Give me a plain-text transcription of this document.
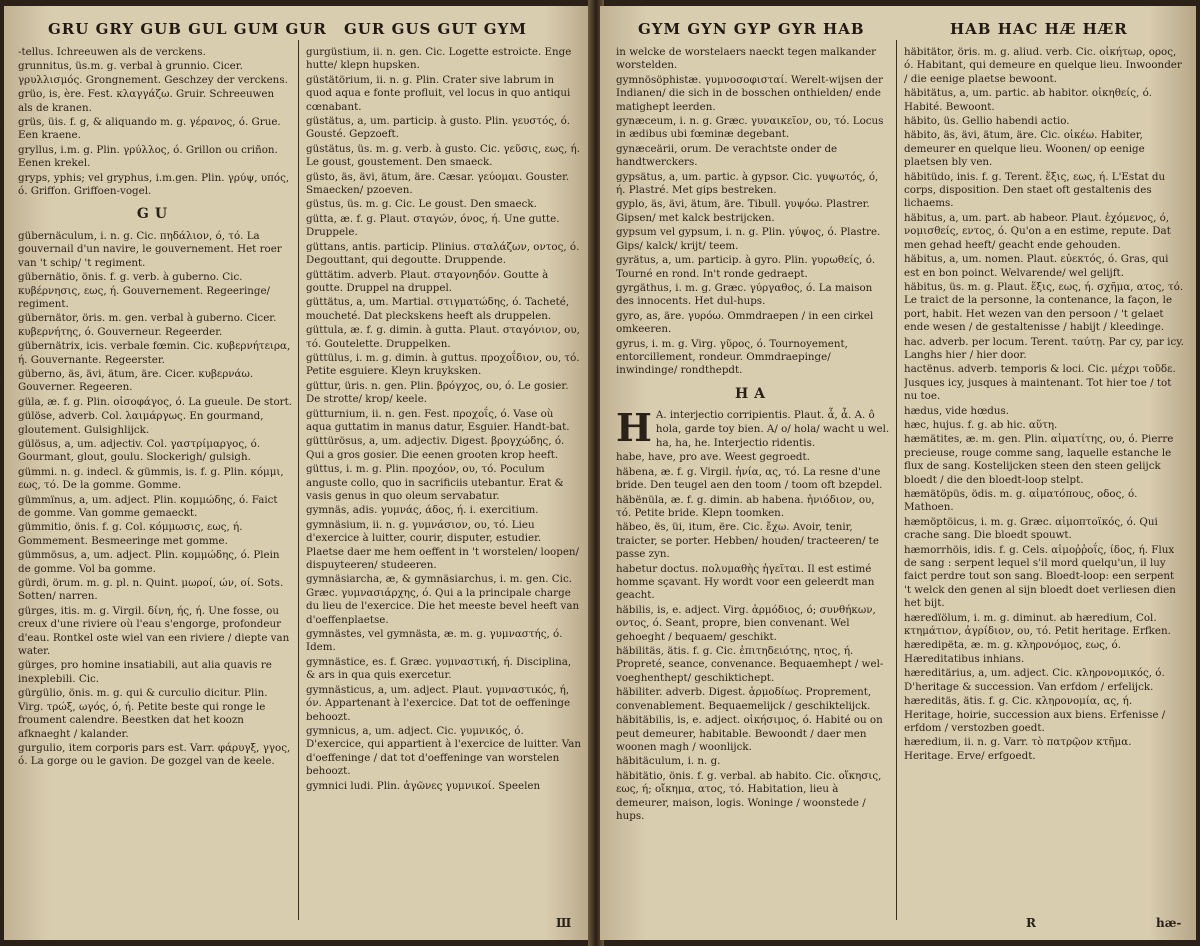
GRU GRY GUB GUL GUM GUR GUR GUS GUT GYM

-tellus. Ichreeuwen als de verckens.

grunnitus, üs.m. g. verbal à grunnio. Cicer. γρυλλισμός. Grongnement. Geschzey der verckens.

grüo, is, ère. Fest. κλαγγάζω. Gruir. Schreeuwen als de kranen.

grüs, üis. f. g, & aliquando m. g. γέρανος, ό. Grue. Een kraene.

gryllus, i.m. g. Plin. γρύλλος, ό. Grillon ou criñon. Eenen krekel.

gryps, yphis; vel gryphus, i.m.gen. Plin. γρύψ, υπός, ό. Griffon. Griffoen-vogel.

GU

gübernäculum, i. n. g. Cic. πηδάλιον, ό, τό. La gouvernail d'un navire, le gouvernement. Het roer van 't schip/ 't regiment.

gübernätio, önis. f. g. verb. à guberno. Cic. κυβέρνησις, εως, ή. Gouvernement. Regeeringe/ regiment.

gübernätor, öris. m. gen. verbal à guberno. Cicer. κυβερνήτης, ό. Gouverneur. Regeerder.

gübernätrix, icis. verbale fœmin. Cic. κυβερνήτειρα, ή. Gouvernante. Regeerster.

güberno, äs, ävi, ätum, äre. Cicer. κυβερνάω. Gouverner. Regeeren.

güla, æ. f. g. Plin. οἰσοφάγος, ό. La gueule. De stort.

gülöse, adverb. Col. λαιμάργως. En gourmand, gloutement. Gulsighlijck.

gülösus, a, um. adjectiv. Col. γαστρίμαργος, ό. Gourmant, glout, goulu. Slockerigh/ gulsigh.

gümmi. n. g. indecl. & gümmis, is. f. g. Plin. κόμμι, εως, τό. De la gomme. Gomme.

gümmïnus, a, um. adject. Plin. κομμώδης, ό. Faict de gomme. Van gomme gemaeckt.

gümmitio, önis. f. g. Col. κόμμωσις, εως, ή. Gommement. Besmeeringe met gomme.

gümmösus, a, um. adject. Plin. κομμώδης, ό. Plein de gomme. Vol ba gomme.

gürdi, örum. m. g. pl. n. Quint. μωροί, ών, οί. Sots. Sotten/ narren.

gürges, itis. m. g. Virgil. δίνη, ής, ή. Une fosse, ou creux d'une riviere où l'eau s'engorge, profondeur d'eau. Rontkel oste wiel van een riviere / diepte van water.

gürges, pro homine insatiabili, aut alia quavis re inexplebili. Cic.

gürgülio, önis. m. g. qui & curculio dicitur. Plin. Virg. τρώξ, ωγός, ό, ή. Petite beste qui ronge le froument calendre. Beestken dat het koozn afknaeght / kalander.

gurgulio, item corporis pars est. Varr. φάρυγξ, γγος, ό. La gorge ou le gavion. De gozgel van de keele.

gurgüstium, ii. n. gen. Cic. Logette estroicte. Enge hutte/ klepn hupsken.

güstätörium, ii. n. g. Plin. Crater sive labrum in quod aqua e fonte profluit, vel locus in quo antiqui cœnabant.

güstätus, a, um. particip. à gusto. Plin. γευστός, ό. Gousté. Gepzoeft.

güstätus, üs. m. g. verb. à gusto. Cic. γεῦσις, εως, ή. Le goust, goustement. Den smaeck.

güsto, äs, ävi, ätum, äre. Cæsar. γεύομαι. Gouster. Smaecken/ pzoeven.

güstus, üs. m. g. Cic. Le goust. Den smaeck.

gütta, æ. f. g. Plaut. σταγών, όνος, ή. Une gutte. Druppele.

güttans, antis. particip. Plinius. σταλάζων, οντος, ό. Degouttant, qui degoutte. Druppende.

güttätim. adverb. Plaut. σταγονηδόν. Goutte à goutte. Druppel na druppel.

güttätus, a, um. Martial. στιγματώδης, ό. Tacheté, moucheté. Dat pleckskens heeft als druppelen.

güttula, æ. f. g. dimin. à gutta. Plaut. σταγόνιον, ου, τό. Goutelette. Druppelken.

güttülus, i. m. g. dimin. à guttus. προχοΐδιον, ου, τό. Petite esguiere. Kleyn kruyksken.

güttur, üris. n. gen. Plin. βρόγχος, ου, ό. Le gosier. De strotte/ krop/ keele.

gütturnium, ii. n. gen. Fest. προχοΐς, ό. Vase où aqua guttatim in manus datur, Esguier. Handt-bat.

güttürösus, a, um. adjectiv. Digest. βρογχώδης, ό. Qui a gros gosier. Die eenen grooten krop heeft.

güttus, i. m. g. Plin. προχόον, ου, τό. Poculum anguste collo, quo in sacrificiis utebantur. Erat & vasis genus in quo oleum servabatur.

gymnäs, adis. γυμνάς, άδος, ή. i. exercitium.

gymnäsium, ii. n. g. γυμνάσιον, ου, τό. Lieu d'exercice à luitter, courir, disputer, estudier. Plaetse daer me hem oeffent in 't worstelen/ loopen/ dispuyteeren/ studeeren.

gymnäsiarcha, æ, & gymnäsiarchus, i. m. gen. Cic. Græc. γυμνασιάρχης, ό. Qui a la principale charge du lieu de l'exercice. Die het meeste bevel heeft van d'oeffenplaetse.

gymnästes, vel gymnästa, æ. m. g. γυμναστής, ό. Idem.

gymnästice, es. f. Græc. γυμναστική, ή. Disciplina, & ars in qua quis exercetur.

gymnästicus, a, um. adject. Plaut. γυμναστικός, ή, όν. Appartenant à l'exercice. Dat tot de oeffeninge behoozt.

gymnicus, a, um. adject. Cic. γυμνικός, ό. D'exercice, qui appartient à l'exercice de luitter. Van d'oeffeninge / dat tot d'oeffeninge van worstelen behoozt.

gymnici ludi. Plin. ἀγῶνες γυμνικοί. Speelen

Ш
GYM GYN GYP GYR HAB	HAB HAC HÆ HÆR

in welcke de worstelaers naeckt tegen malkander worstelden.

gymnösöphistæ. γυμνοσοφισταί. Werelt-wijsen der Indianen/ die sich in de bosschen onthielden/ ende matighept leerden.

gynæceum, i. n. g. Græc. γυναικεῖον, ου, τό. Locus in ædibus ubi fœminæ degebant.

gynæceärii, orum. De verachtste onder de handtwerckers.

gypsätus, a, um. partic. à gypsor. Cic. γυψωτός, ό, ή. Plastré. Met gips bestreken.

gyplo, äs, ävi, ätum, äre. Tibull. γυψόω. Plastrer. Gipsen/ met kalck bestrijcken.

gypsum vel gypsum, i. n. g. Plin. γύψος, ό. Plastre. Gips/ kalck/ krijt/ teem.

gyrätus, a, um. particip. à gyro. Plin. γυρωθείς, ό. Tourné en rond. In't ronde gedraept.

gyrgäthus, i. m. g. Græc. γύργαθος, ό. La maison des innocents. Het dul-hups.

gyro, as, äre. γυρόω. Ommdraepen / in een cirkel omkeeren.

gyrus, i. m. g. Virg. γῦρος, ό. Tournoyement, entorcillement, rondeur. Ommdraepinge/ inwindinge/ rondthepdt.

HA
H A. interjectio corripientis. Plaut. ἆ, ἆ. A. ô hola, garde toy bien. A/ o/ hola/ wacht u wel.

ha, ha, he. Interjectio ridentis.

habe, have, pro ave. Weest gegroedt.

häbena, æ. f. g. Virgil. ἡνία, ας, τό. La resne d'une bride. Den teugel aen den toom / toom oft bzepdel.

häbënüla, æ. f. g. dimin. ab habena. ἡνιόδιον, ου, τό. Petite bride. Klepn toomken.

häbeo, ës, üi, itum, ëre. Cic. ἔχω. Avoir, tenir, traicter, se porter. Hebben/ houden/ tracteeren/ te passe zyn.

habetur doctus. πολυμαθὴς ἡγεῖται. Il est estimé homme sçavant. Hy wordt voor een geleerdt man geacht.

häbilis, is, e. adject. Virg. ἁρμόδιος, ό; συνθήκων, οντος, ό. Seant, propre, bien convenant. Wel gehoeght / bequaem/ geschikt.

häbilitäs, ätis. f. g. Cic. ἐπιτηδειότης, ητος, ή. Propreté, seance, convenance. Bequaemhept / wel-voeghenthept/ geschiktichept.

häbiliter. adverb. Digest. ἁρμοδίως. Proprement, convenablement. Bequaemelijck / geschiktelijck.

häbitäbilis, is, e. adject. οἰκήσιμος, ό. Habité ou on peut demeurer, habitable. Bewoondt / daer men woonen magh / woonlijck.

häbitäculum, i. n. g.

häbitätio, önis. f. g. verbal. ab habito. Cic. οἴκησις, εως, ή; οἴκημα, ατος, τό. Habitation, lieu à demeurer, maison, logis. Woninge / woonstede / hups.

häbitätor, öris. m. g. aliud. verb. Cic. οἰκήτωρ, ορος, ό. Habitant, qui demeure en quelque lieu. Inwoonder / die eenige plaetse bewoont.

häbitätus, a, um. partic. ab habitor. οἰκηθείς, ό. Habité. Bewoont.

häbito, üs. Gellio habendi actio.

häbito, äs, ävi, ätum, äre. Cic. οἰκέω. Habiter, demeurer en quelque lieu. Woonen/ op eenige plaetsen bly ven.

häbitüdo, inis. f. g. Terent. ἕξις, εως, ή. L'Estat du corps, disposition. Den staet oft gestaltenis des lichaems.

häbitus, a, um. part. ab habeor. Plaut. ἐχόμενος, ό, νομισθείς, εντος, ό. Qu'on a en estime, repute. Dat men gehad heeft/ geacht ende gehouden.

häbitus, a, um. nomen. Plaut. εὐεκτός, ό. Gras, qui est en bon poinct. Welvarende/ wel gelijft.

häbitus, üs. m. g. Plaut. ἕξις, εως, ή. σχῆμα, ατος, τό. Le traict de la personne, la contenance, la façon, le port, habit. Het wezen van den persoon / 't gelaet ende wesen / de gestaltenisse / habijt / kleedinge.

hac. adverb. per locum. Terent. ταύτῃ. Par cy, par icy. Langhs hier / hier door.

hactënus. adverb. temporis & loci. Cic. μέχρι τοῦδε. Jusques icy, jusques à maintenant. Tot hier toe / tot nu toe.

hædus, vide hœdus.

hæc, hujus. f. g. ab hic. αὕτη.

hæmätites, æ. m. gen. Plin. αἱματίτης, ου, ό. Pierre precieuse, rouge comme sang, laquelle estanche le flux de sang. Kostelijcken steen den steen gelijck bloedt / die den bloedt-loop stelpt.

hæmätöpüs, ödis. m. g. αἱματόπους, οδος, ό. Mathoen.

hæmöptöicus, i. m. g. Græc. αἱμοπτοϊκός, ό. Qui crache sang. Die bloedt spouwt.

hæmorrhöis, idis. f. g. Cels. αἱμοῤῥοΐς, ίδος, ή. Flux de sang : serpent lequel s'il mord quelqu'un, il luy faict perdre tout son sang. Bloedt-loop: een serpent 't welck den genen al sijn bloedt doet verliesen dien het bijt.

hæredïölum, i. m. g. diminut. ab hæredium, Col. κτημάτιον, ἀγρίδιον, ου, τό. Petit heritage. Erfken.

hæredipëta, æ. m. g. κληρονόμος, εως, ό. Hæreditatibus inhians.

hæreditärius, a, um. adject. Cic. κληρονομικός, ό. D'heritage & succession. Van erfdom / erfelijck.

hæreditäs, ätis. f. g. Cic. κληρονομία, ας, ή. Heritage, hoirie, succession aux biens. Erfenisse / erfdom / verstozben goedt.

hæredium, ii. n. g. Varr. τὸ πατρῷον κτῆμα. Heritage. Erve/ erfgoedt.

R	hæ-
